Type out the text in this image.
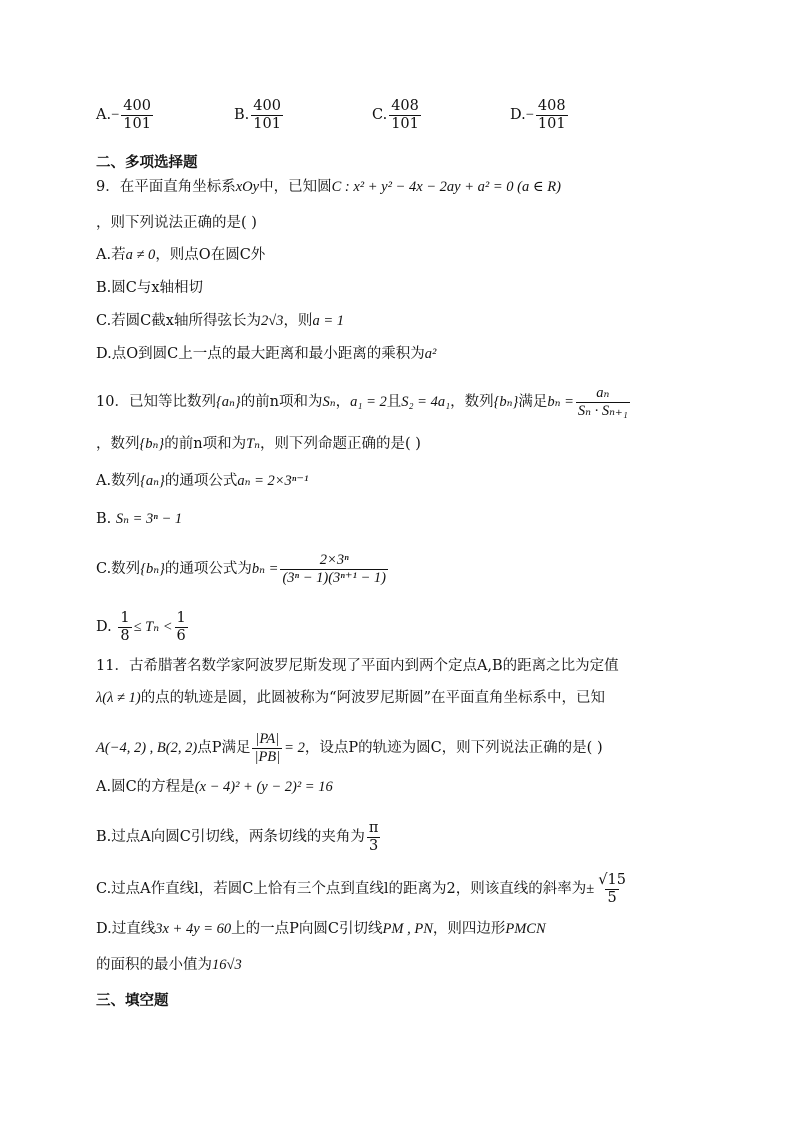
A. − $\frac{400}{101}$	B. $\frac{400}{101}$	C. $\frac{408}{101}$	D. − $\frac{408}{101}$
二、多项选择题
9．在平面直角坐标系xOy中，已知圆C : x² + y² − 4x − 2ay + a² = 0 (a ∈ R)
，则下列说法正确的是( )
A.若a ≠ 0，则点O在圆C外
B.圆C与x轴相切
C.若圆C截x轴所得弦长为2√3，则a = 1
D.点O到圆C上一点的最大距离和最小距离的乘积为a²
10．已知等比数列{aₙ}的前n项和为Sₙ，a₁ = 2且S₂ = 4a₁，数列{bₙ}满足$b_n = \frac{\text{aₙ}}{\text{Sₙ · Sₙ₊₁}}$
，数列{bₙ}的前n项和为Tₙ，则下列命题正确的是( )
A.数列{aₙ}的通项公式aₙ = 2×3ⁿ⁻¹
B. Sₙ = 3ⁿ − 1
C.数列{bₙ}的通项公式为$b_n = \frac{\text{2×3ⁿ}}{\text{(3ⁿ − 1)(3ⁿ⁺¹ − 1)}}$
D. $\frac{1}{8} \le T_n < \frac{1}{6}$
11．古希腊著名数学家阿波罗尼斯发现了平面内到两个定点A,B的距离之比为定值
λ(λ ≠ 1)的点的轨迹是圆，此圆被称为“阿波罗尼斯圆”在平面直角坐标系中，已知
A(−4, 2) , B(2, 2)点P满足 $\frac{|PA|}{|PB|} = 2$，设点P的轨迹为圆C，则下列说法正确的是( )
A.圆C的方程是(x − 4)² + (y − 2)² = 16
B.过点A向圆C引切线，两条切线的夹角为 $\frac{\pi}{3}$
C.过点A作直线l，若圆C上恰有三个点到直线l的距离为2，则该直线的斜率为± $\frac{√15}{5}$
D.过直线3x + 4y = 60上的一点P向圆C引切线PM , PN，则四边形PMCN
的面积的最小值为16√3
三、填空题
